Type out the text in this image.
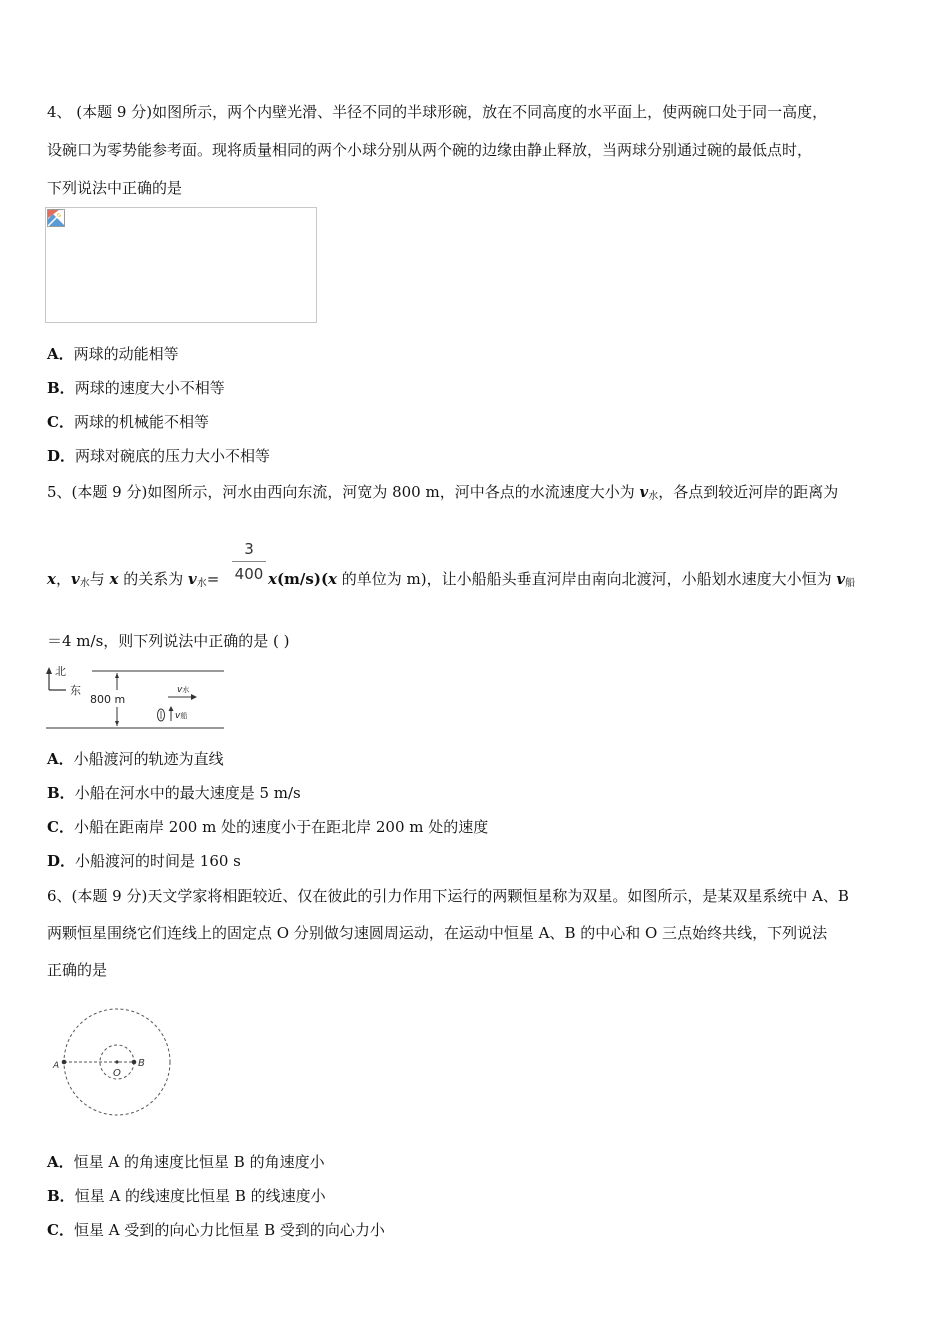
4、 (本题 9 分)如图所示，两个内壁光滑、半径不同的半球形碗，放在不同高度的水平面上，使两碗口处于同一高度，
设碗口为零势能参考面。现将质量相同的两个小球分别从两个碗的边缘由静止释放，当两球分别通过碗的最低点时，
下列说法中正确的是
A．两球的动能相等
B．两球的速度大小不相等
C．两球的机械能不相等
D．两球对碗底的压力大小不相等
5、(本题 9 分)如图所示，河水由西向东流，河宽为 800 m，河中各点的水流速度大小为 $v_水$，各点到较近河岸的距离为
3
400
x，$v_水$与 x 的关系为 $v_水=$	x(m/s)(x 的单位为 m)，让小船船头垂直河岸由南向北渡河，小船划水速度大小恒为 $v_船$
＝4 m/s，则下列说法中正确的是 ( )
北
东
800 m
v水
v船
A．小船渡河的轨迹为直线
B．小船在河水中的最大速度是 5 m/s
C．小船在距南岸 200 m 处的速度小于在距北岸 200 m 处的速度
D．小船渡河的时间是 160 s
6、(本题 9 分)天文学家将相距较近、仅在彼此的引力作用下运行的两颗恒星称为双星。如图所示，是某双星系统中 A、B
两颗恒星围绕它们连线上的固定点 O 分别做匀速圆周运动，在运动中恒星 A、B 的中心和 O 三点始终共线，下列说法
正确的是
A
O
B
A．恒星 A 的角速度比恒星 B 的角速度小
B．恒星 A 的线速度比恒星 B 的线速度小
C．恒星 A 受到的向心力比恒星 B 受到的向心力小
